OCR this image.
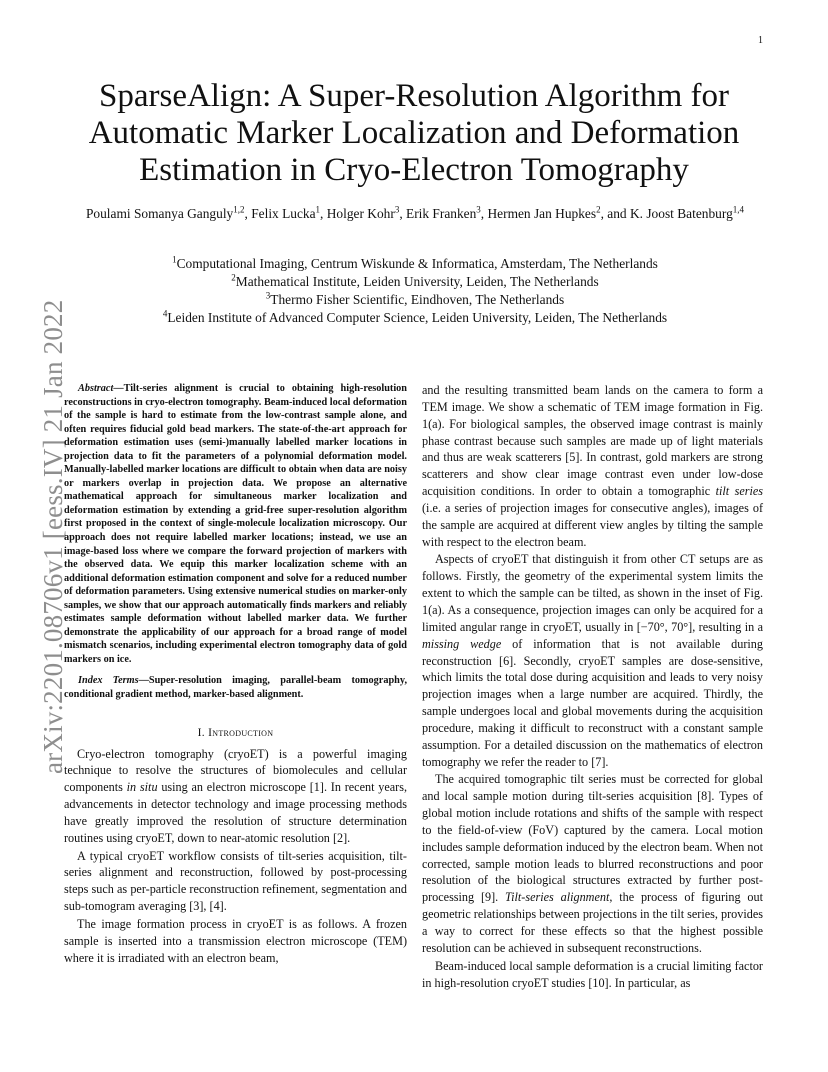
1
arXiv:2201.08706v1 [eess.IV] 21 Jan 2022
SparseAlign: A Super-Resolution Algorithm for
Automatic Marker Localization and Deformation
Estimation in Cryo-Electron Tomography
Poulami Somanya Ganguly$^{1,2}$, Felix Lucka$^1$, Holger Kohr$^3$, Erik Franken$^3$, Hermen Jan Hupkes$^2$, and K. Joost Batenburg$^{1,4}$
$^1$Computational Imaging, Centrum Wiskunde & Informatica, Amsterdam, The Netherlands
$^2$Mathematical Institute, Leiden University, Leiden, The Netherlands
$^3$Thermo Fisher Scientific, Eindhoven, The Netherlands
$^4$Leiden Institute of Advanced Computer Science, Leiden University, Leiden, The Netherlands

Abstract—Tilt-series alignment is crucial to obtaining high-resolution reconstructions in cryo-electron tomography. Beam-induced local deformation of the sample is hard to estimate from the low-contrast sample alone, and often requires fiducial gold bead markers. The state-of-the-art approach for deformation estimation uses (semi-)manually labelled marker locations in projection data to fit the parameters of a polynomial deformation model. Manually-labelled marker locations are difficult to obtain when data are noisy or markers overlap in projection data. We propose an alternative mathematical approach for simultaneous marker localization and deformation estimation by extending a grid-free super-resolution algorithm first proposed in the context of single-molecule localization microscopy. Our approach does not require labelled marker locations; instead, we use an image-based loss where we compare the forward projection of markers with the observed data. We equip this marker localization scheme with an additional deformation estimation component and solve for a reduced number of deformation parameters. Using extensive numerical studies on marker-only samples, we show that our approach automatically finds markers and reliably estimates sample deformation without labelled marker data. We further demonstrate the applicability of our approach for a broad range of model mismatch scenarios, including experimental electron tomography data of gold markers on ice.

Index Terms—Super-resolution imaging, parallel-beam tomography, conditional gradient method, marker-based alignment.

I. Introduction

Cryo-electron tomography (cryoET) is a powerful imaging technique to resolve the structures of biomolecules and cellular components in situ using an electron microscope [1]. In recent years, advancements in detector technology and image processing methods have greatly improved the resolution of structure determination routines using cryoET, down to near-atomic resolution [2].

A typical cryoET workflow consists of tilt-series acquisition, tilt-series alignment and reconstruction, followed by post-processing steps such as per-particle reconstruction refinement, segmentation and sub-tomogram averaging [3], [4].

The image formation process in cryoET is as follows. A frozen sample is inserted into a transmission electron microscope (TEM) where it is irradiated with an electron beam,

and the resulting transmitted beam lands on the camera to form a TEM image. We show a schematic of TEM image formation in Fig. 1(a). For biological samples, the observed image contrast is mainly phase contrast because such samples are made up of light materials and thus are weak scatterers [5]. In contrast, gold markers are strong scatterers and show clear image contrast even under low-dose acquisition conditions. In order to obtain a tomographic tilt series (i.e. a series of projection images for consecutive angles), images of the sample are acquired at different view angles by tilting the sample with respect to the electron beam.

Aspects of cryoET that distinguish it from other CT setups are as follows. Firstly, the geometry of the experimental system limits the extent to which the sample can be tilted, as shown in the inset of Fig. 1(a). As a consequence, projection images can only be acquired for a limited angular range in cryoET, usually in [−70°, 70°], resulting in a missing wedge of information that is not available during reconstruction [6]. Secondly, cryoET samples are dose-sensitive, which limits the total dose during acquisition and leads to very noisy projection images when a large number are acquired. Thirdly, the sample undergoes local and global movements during the acquisition procedure, making it difficult to reconstruct with a constant sample assumption. For a detailed discussion on the mathematics of electron tomography we refer the reader to [7].

The acquired tomographic tilt series must be corrected for global and local sample motion during tilt-series acquisition [8]. Types of global motion include rotations and shifts of the sample with respect to the field-of-view (FoV) captured by the camera. Local motion includes sample deformation induced by the electron beam. When not corrected, sample motion leads to blurred reconstructions and poor resolution of the biological structures extracted by further post-processing [9]. Tilt-series alignment, the process of figuring out geometric relationships between projections in the tilt series, provides a way to correct for these effects so that the highest possible resolution can be achieved in subsequent reconstructions.

Beam-induced local sample deformation is a crucial limiting factor in high-resolution cryoET studies [10]. In particular, as
